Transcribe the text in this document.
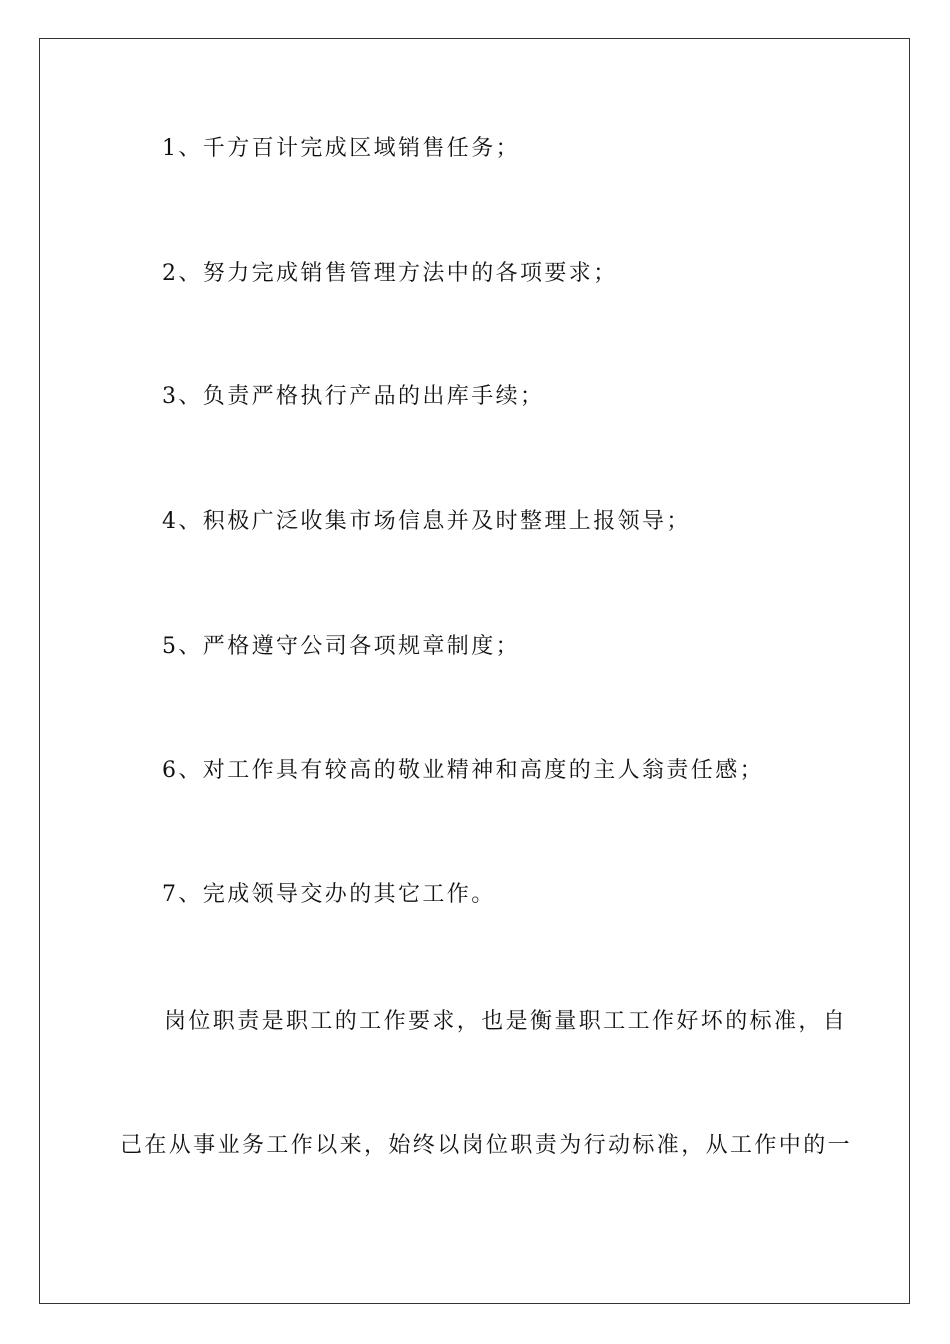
1、千方百计完成区域销售任务；

2、努力完成销售管理方法中的各项要求；

3、负责严格执行产品的出库手续；

4、积极广泛收集市场信息并及时整理上报领导；

5、严格遵守公司各项规章制度；

6、对工作具有较高的敬业精神和高度的主人翁责任感；

7、完成领导交办的其它工作。

岗位职责是职工的工作要求，也是衡量职工工作好坏的标准，自

己在从事业务工作以来，始终以岗位职责为行动标准，从工作中的一
